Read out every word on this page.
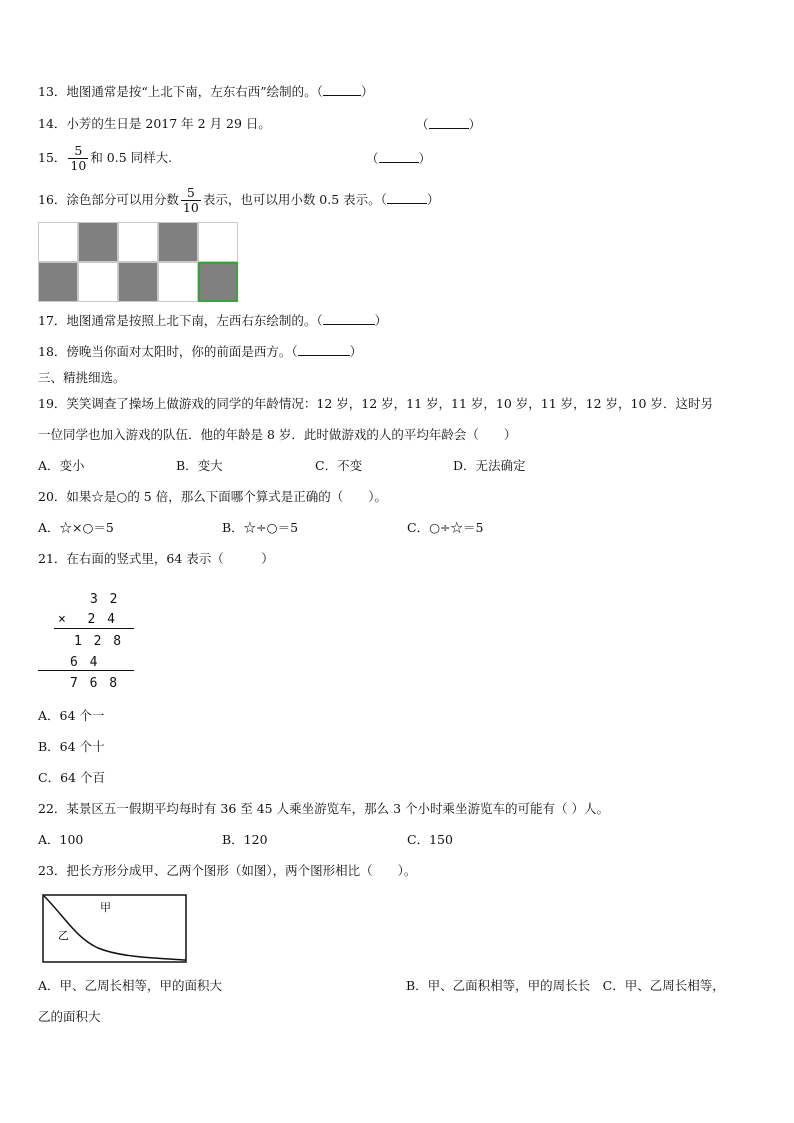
13．地图通常是按“上北下南，左东右西”绘制的。（	）
14．小芳的生日是 2017 年 2 月 29 日。	（	）
15． $\frac{5}{10}$ 和 0.5 同样大.	（	）
16．涂色部分可以用分数 $\frac{5}{10}$ 表示，也可以用小数 0.5 表示。（	）
17．地图通常是按照上北下南，左西右东绘制的。（	）
18．傍晚当你面对太阳时，你的前面是西方。（	）
三、精挑细选。
19．笑笑调查了操场上做游戏的同学的年龄情况：12 岁，12 岁，11 岁，11 岁，10 岁，11 岁，12 岁，10 岁．这时另
一位同学也加入游戏的队伍．他的年龄是 8 岁．此时做游戏的人的平均年龄会（　　）
A．变小	B．变大	C．不变	D．无法确定
20．如果☆是○的 5 倍，那么下面哪个算式是正确的（　　）。
A．☆×○＝5	B．☆÷○＝5	C．○÷☆＝5
21．在右面的竖式里，64 表示（　　　）
3 2
×  2 4
1 2 8
6 4
7 6 8
A．64 个一
B．64 个十
C．64 个百
22．某景区五一假期平均每时有 36 至 45 人乘坐游览车，那么 3 个小时乘坐游览车的可能有（ ）人。
A．100	B．120	C．150
23．把长方形分成甲、乙两个图形（如图），两个图形相比（　　）。
甲
乙
A．甲、乙周长相等，甲的面积大	B．甲、乙面积相等，甲的周长长　C．甲、乙周长相等，
乙的面积大
